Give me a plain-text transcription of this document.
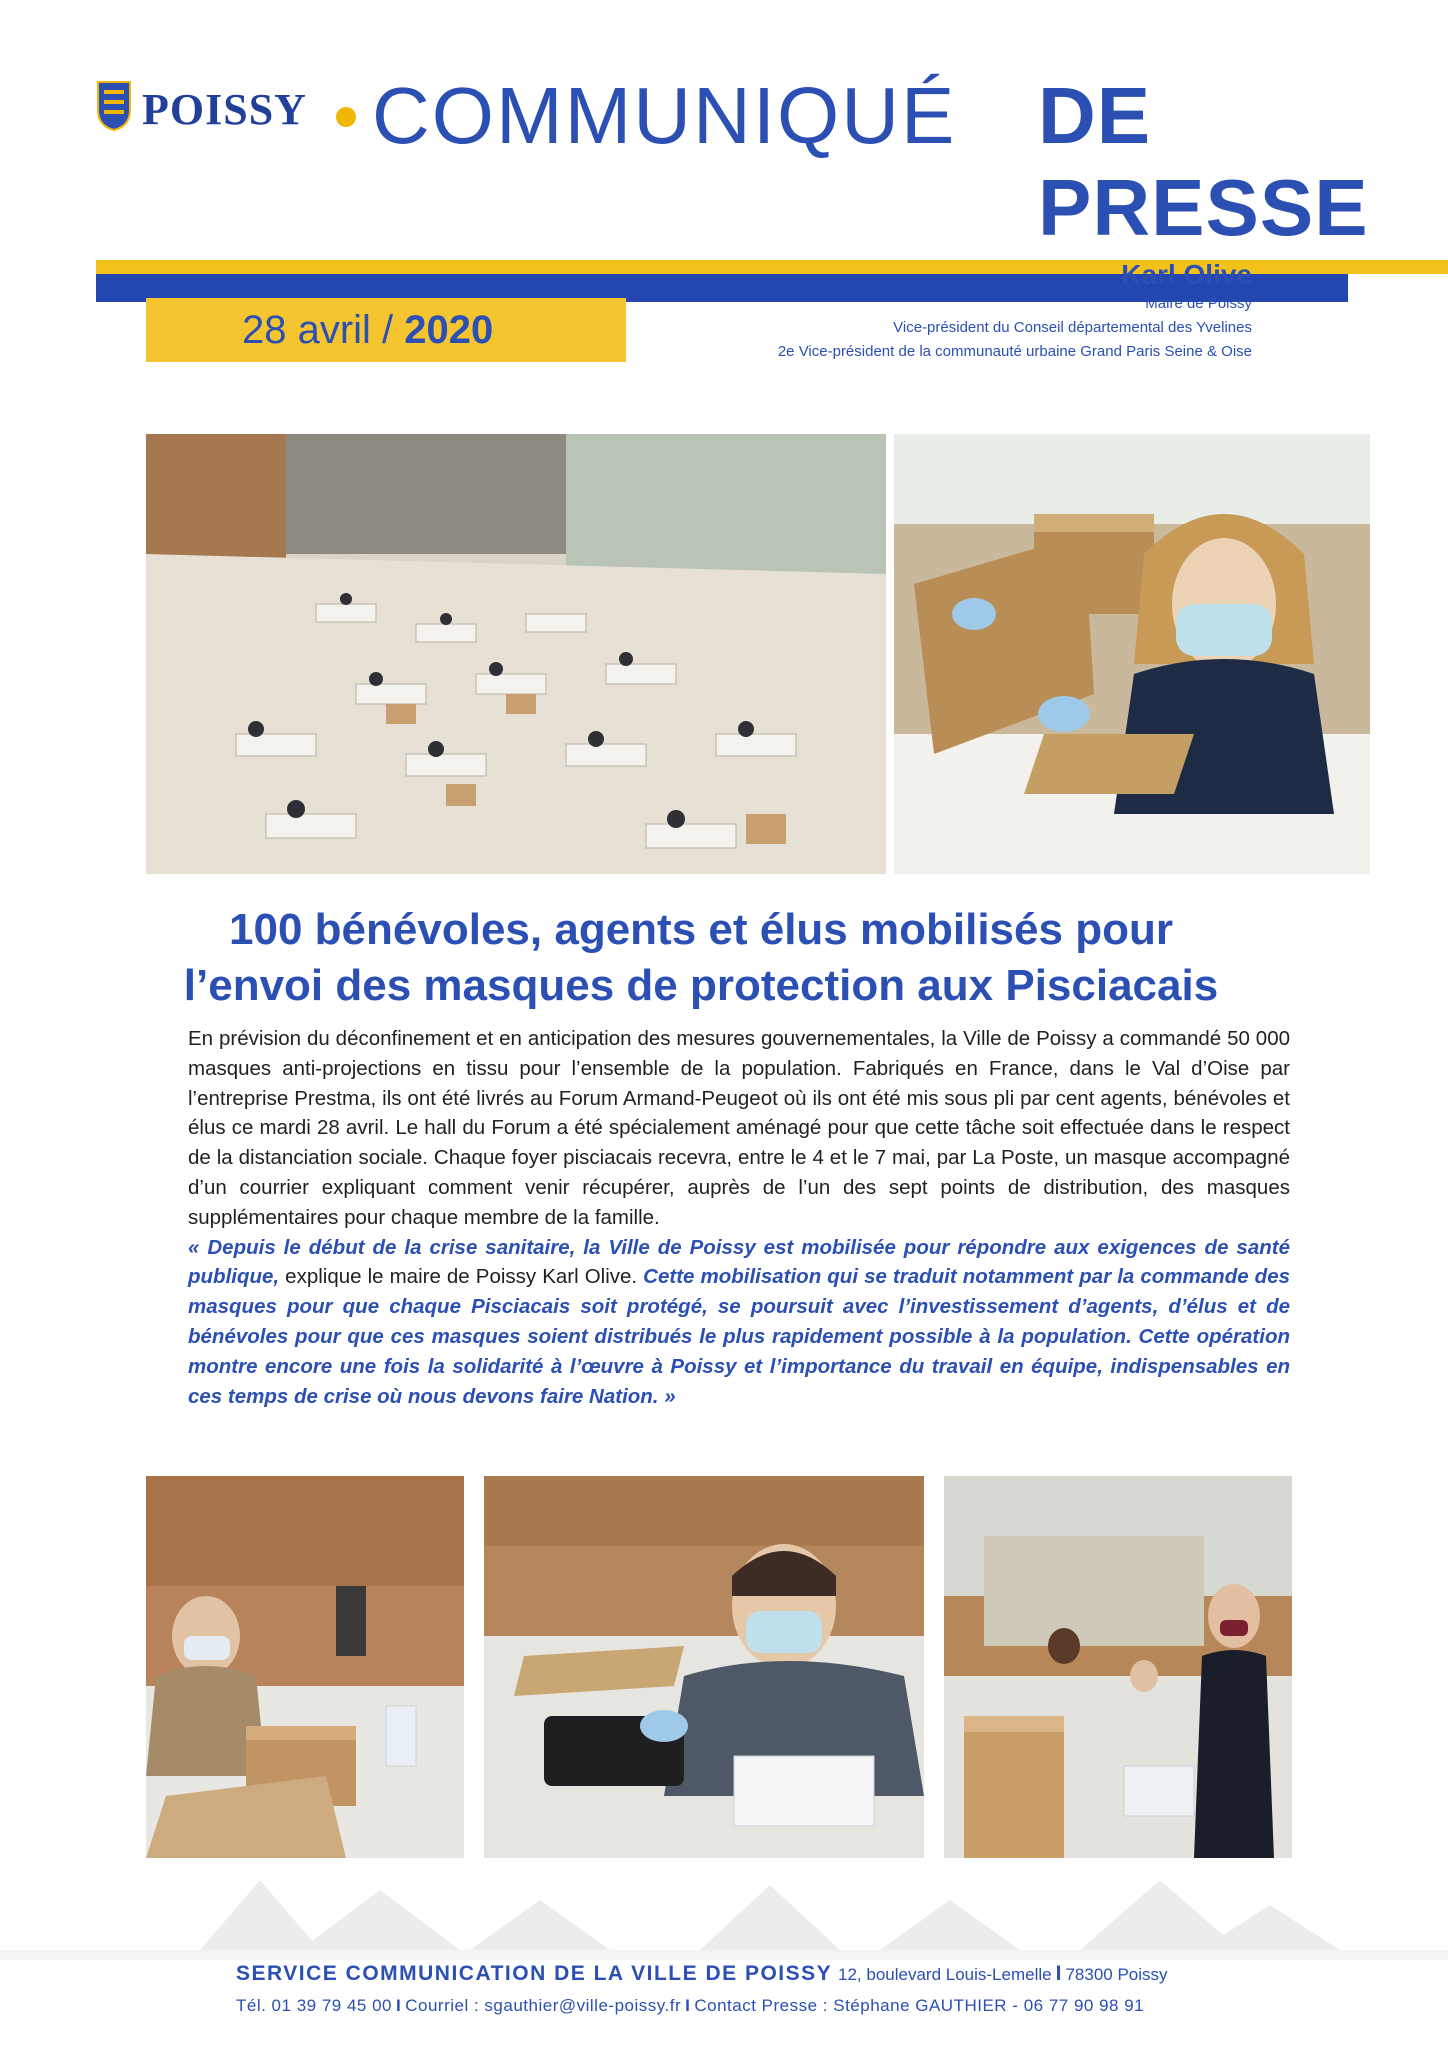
POISSY COMMUNIQUÉ DE PRESSE
28 avril / 2020
Karl Olive
Maire de Poissy
Vice-président du Conseil départemental des Yvelines
2e Vice-président de la communauté urbaine Grand Paris Seine & Oise
100 bénévoles, agents et élus mobilisés pour
l’envoi des masques de protection aux Pisciacais

En prévision du déconfinement et en anticipation des mesures gouvernementales, la Ville de Poissy a commandé 50 000 masques anti-projections en tissu pour l’ensemble de la population. Fabriqués en France, dans le Val d’Oise par l’entreprise Prestma, ils ont été livrés au Forum Armand-Peugeot où ils ont été mis sous pli par cent agents, bénévoles et élus ce mardi 28 avril. Le hall du Forum a été spécialement aménagé pour que cette tâche soit effectuée dans le respect de la distanciation sociale. Chaque foyer pisciacais recevra, entre le 4 et le 7 mai, par La Poste, un masque accompagné d’un courrier expliquant comment venir récupérer, auprès de l’un des sept points de distribution, des masques supplémentaires pour chaque membre de la famille.

« Depuis le début de la crise sanitaire, la Ville de Poissy est mobilisée pour répondre aux exigences de santé publique, explique le maire de Poissy Karl Olive. Cette mobilisation qui se traduit notamment par la commande des masques pour que chaque Pisciacais soit protégé, se poursuit avec l’investissement d’agents, d’élus et de bénévoles pour que ces masques soient distribués le plus rapidement possible à la population. Cette opération montre encore une fois la solidarité à l’œuvre à Poissy et l’importance du travail en équipe, indispensables en ces temps de crise où nous devons faire Nation. »

SERVICE COMMUNICATION DE LA VILLE DE POISSY 12, boulevard Louis-Lemelle I 78300 Poissy
Tél. 01 39 79 45 00 I Courriel : sgauthier@ville-poissy.fr I Contact Presse : Stéphane GAUTHIER - 06 77 90 98 91
